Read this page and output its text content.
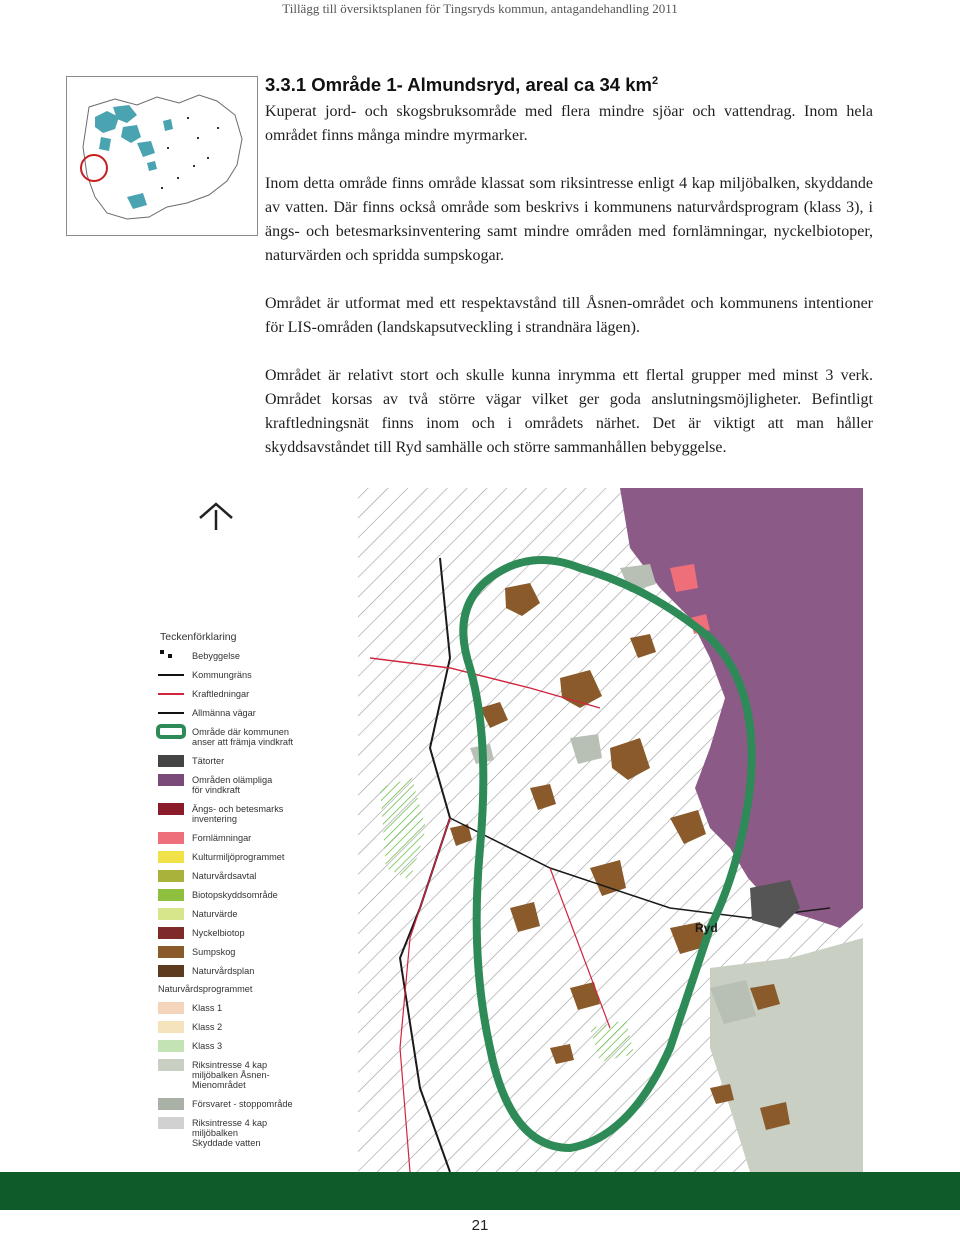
Tillägg till översiktsplanen för Tingsryds kommun, antagandehandling 2011
3.3.1 Område 1- Almundsryd, areal ca 34 $km^2$

Kuperat jord- och skogsbruksområde med flera mindre sjöar och vattendrag. Inom hela området finns många mindre myrmarker.

Inom detta område finns område klassat som riksintresse enligt 4 kap miljöbalken, skyddande av vatten. Där finns också område som beskrivs i kommunens naturvårdsprogram (klass 3), i ängs- och betesmarksinventering samt mindre områden med fornlämningar, nyckelbiotoper, naturvärden och spridda sumpskogar.

Området är utformat med ett respektavstånd till Åsnen-området och kommunens intentioner för LIS-områden (landskapsutveckling i strandnära lägen).

Området är relativt stort och skulle kunna inrymma ett flertal grupper med minst 3 verk. Området korsas av två större vägar vilket ger goda anslutningsmöjligheter. Befintligt kraftledningsnät finns inom och i områdets närhet. Det är viktigt att man håller skyddsavståndet till Ryd samhälle och större sammanhållen bebyggelse.

Ryd
Teckenförklaring
Bebyggelse
Kommungräns
Kraftledningar
Allmänna vägar
Område där kommunen
anser att främja vindkraft
Tätorter
Områden olämpliga
för vindkraft
Ängs- och betesmarks
inventering
Fornlämningar
Kulturmiljöprogrammet
Naturvårdsavtal
Biotopskyddsområde
Naturvärde
Nyckelbiotop
Sumpskog
Naturvårdsplan
Naturvårdsprogrammet
Klass 1
Klass 2
Klass 3
Riksintresse 4 kap
miljöbalken Åsnen-
Mienområdet
Försvaret - stoppområde
Riksintresse 4 kap
miljöbalken
Skyddade vatten
21
